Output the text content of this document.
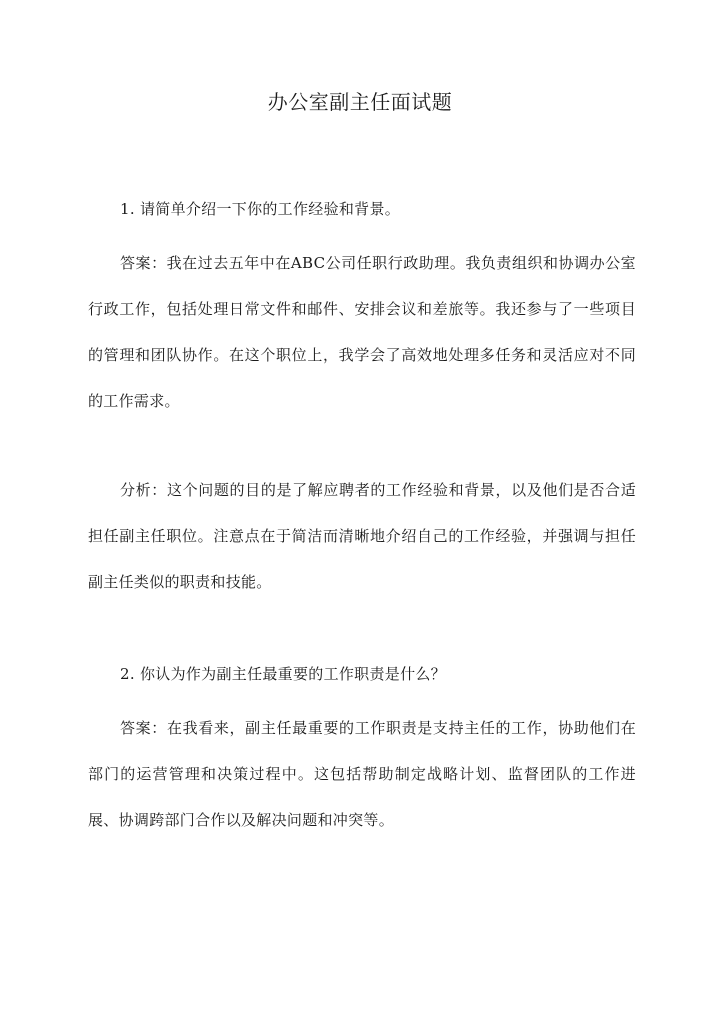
办公室副主任面试题

1. 请简单介绍一下你的工作经验和背景。

答案：我在过去五年中在ABC公司任职行政助理。我负责组织和协调办公室行政工作，包括处理日常文件和邮件、安排会议和差旅等。我还参与了一些项目的管理和团队协作。在这个职位上，我学会了高效地处理多任务和灵活应对不同的工作需求。

分析：这个问题的目的是了解应聘者的工作经验和背景，以及他们是否合适担任副主任职位。注意点在于简洁而清晰地介绍自己的工作经验，并强调与担任副主任类似的职责和技能。

2. 你认为作为副主任最重要的工作职责是什么？

答案：在我看来，副主任最重要的工作职责是支持主任的工作，协助他们在部门的运营管理和决策过程中。这包括帮助制定战略计划、监督团队的工作进展、协调跨部门合作以及解决问题和冲突等。
